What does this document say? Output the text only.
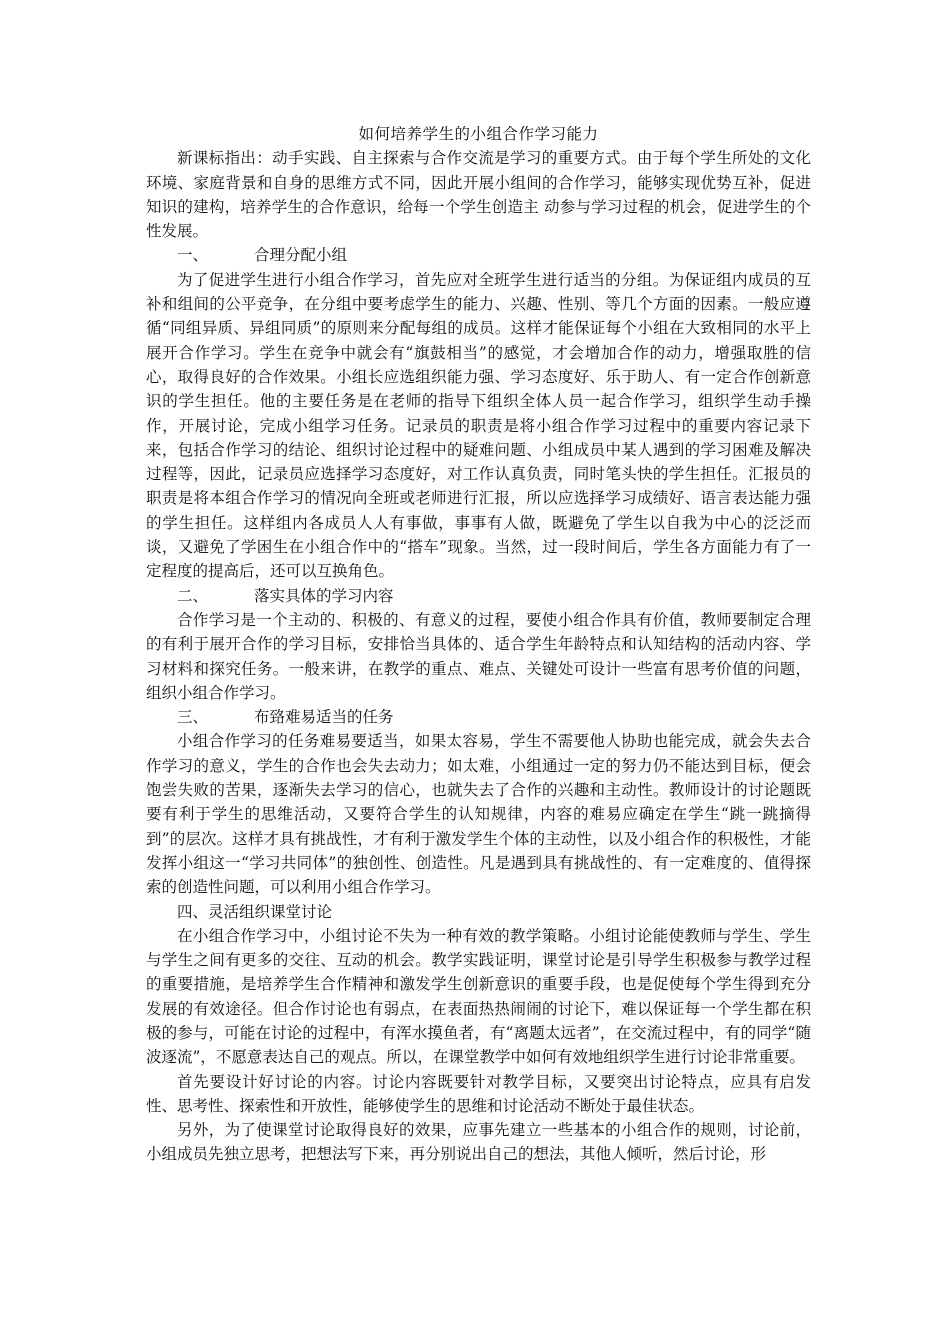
如何培养学生的小组合作学习能力

新课标指出：动手实践、自主探索与合作交流是学习的重要方式。由于每个学生所处的文化环境、家庭背景和自身的思维方式不同，因此开展小组间的合作学习，能够实现优势互补，促进知识的建构，培养学生的合作意识，给每一个学生创造主 动参与学习过程的机会，促进学生的个性发展。

一、	合理分配小组

为了促进学生进行小组合作学习，首先应对全班学生进行适当的分组。为保证组内成员的互补和组间的公平竞争，在分组中要考虑学生的能力、兴趣、性别、等几个方面的因素。一般应遵循“同组异质、异组同质”的原则来分配每组的成员。这样才能保证每个小组在大致相同的水平上展开合作学习。学生在竞争中就会有“旗鼓相当”的感觉，才会增加合作的动力，增强取胜的信心，取得良好的合作效果。小组长应选组织能力强、学习态度好、乐于助人、有一定合作创新意识的学生担任。他的主要任务是在老师的指导下组织全体人员一起合作学习，组织学生动手操作，开展讨论，完成小组学习任务。记录员的职责是将小组合作学习过程中的重要内容记录下来，包括合作学习的结论、组织讨论过程中的疑难问题、小组成员中某人遇到的学习困难及解决过程等，因此，记录员应选择学习态度好，对工作认真负责，同时笔头快的学生担任。汇报员的职责是将本组合作学习的情况向全班或老师进行汇报，所以应选择学习成绩好、语言表达能力强的学生担任。这样组内各成员人人有事做，事事有人做，既避免了学生以自我为中心的泛泛而谈，又避免了学困生在小组合作中的“搭车”现象。当然，过一段时间后，学生各方面能力有了一定程度的提高后，还可以互换角色。

二、	落实具体的学习内容

合作学习是一个主动的、积极的、有意义的过程，要使小组合作具有价值，教师要制定合理的有利于展开合作的学习目标，安排恰当具体的、适合学生年龄特点和认知结构的活动内容、学习材料和探究任务。一般来讲，在教学的重点、难点、关键处可设计一些富有思考价值的问题，组织小组合作学习。

三、	布臵难易适当的任务

小组合作学习的任务难易要适当，如果太容易，学生不需要他人协助也能完成，就会失去合作学习的意义，学生的合作也会失去动力；如太难，小组通过一定的努力仍不能达到目标，便会饱尝失败的苦果，逐渐失去学习的信心，也就失去了合作的兴趣和主动性。教师设计的讨论题既要有利于学生的思维活动，又要符合学生的认知规律，内容的难易应确定在学生“跳一跳摘得到”的层次。这样才具有挑战性，才有利于激发学生个体的主动性，以及小组合作的积极性，才能发挥小组这一“学习共同体”的独创性、创造性。凡是遇到具有挑战性的、有一定难度的、值得探索的创造性问题，可以利用小组合作学习。

四、灵活组织课堂讨论

在小组合作学习中，小组讨论不失为一种有效的教学策略。小组讨论能使教师与学生、学生与学生之间有更多的交往、互动的机会。教学实践证明，课堂讨论是引导学生积极参与教学过程的重要措施，是培养学生合作精神和激发学生创新意识的重要手段，也是促使每个学生得到充分发展的有效途径。但合作讨论也有弱点，在表面热热闹闹的讨论下，难以保证每一个学生都在积极的参与，可能在讨论的过程中，有浑水摸鱼者，有“离题太远者”，在交流过程中，有的同学“随波逐流”，不愿意表达自己的观点。所以，在课堂教学中如何有效地组织学生进行讨论非常重要。

首先要设计好讨论的内容。讨论内容既要针对教学目标，又要突出讨论特点，应具有启发性、思考性、探索性和开放性，能够使学生的思维和讨论活动不断处于最佳状态。

另外，为了使课堂讨论取得良好的效果，应事先建立一些基本的小组合作的规则，讨论前，小组成员先独立思考，把想法写下来，再分别说出自己的想法，其他人倾听，然后讨论，形
